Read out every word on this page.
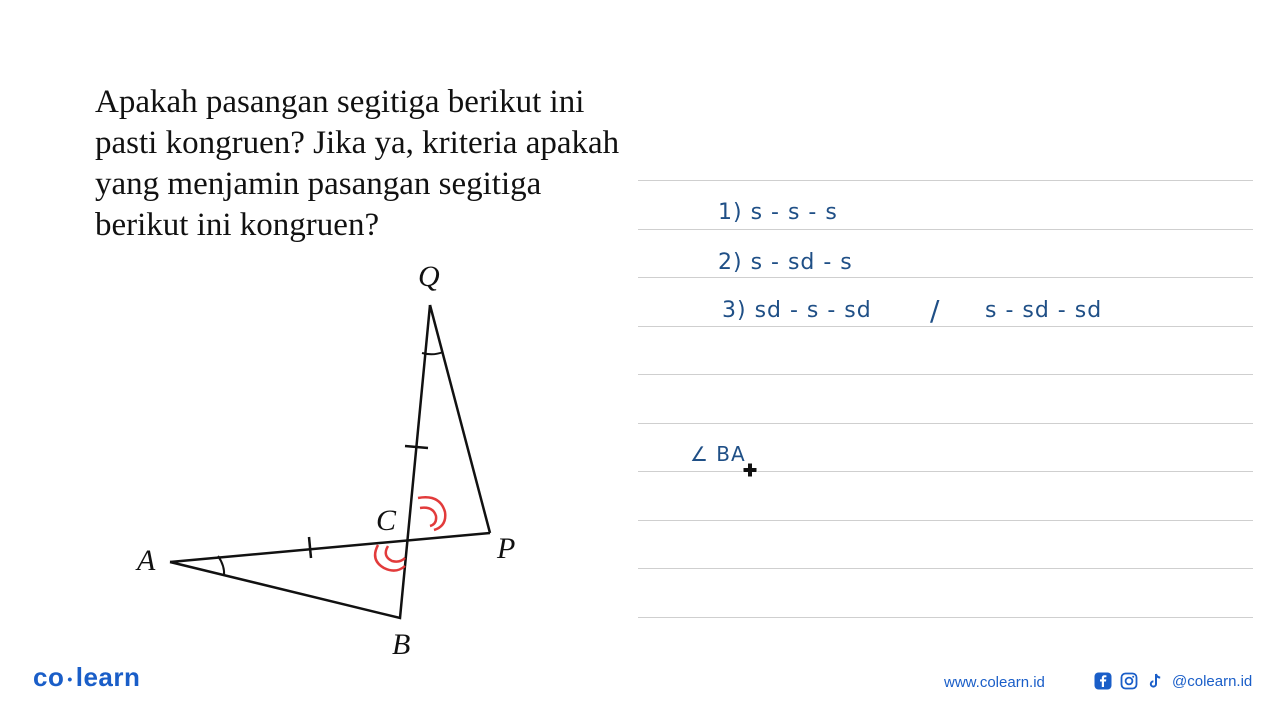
Apakah pasangan segitiga berikut ini
pasti kongruen? Jika ya, kriteria apakah
yang menjamin pasangan segitiga
berikut ini kongruen?	1) s - s - s
2) s - sd - s
3) sd - s - sd / s - sd - sd
∠ BA
Q
C
A	P
B
co • learn	www.colearn.id	@colearn.id
